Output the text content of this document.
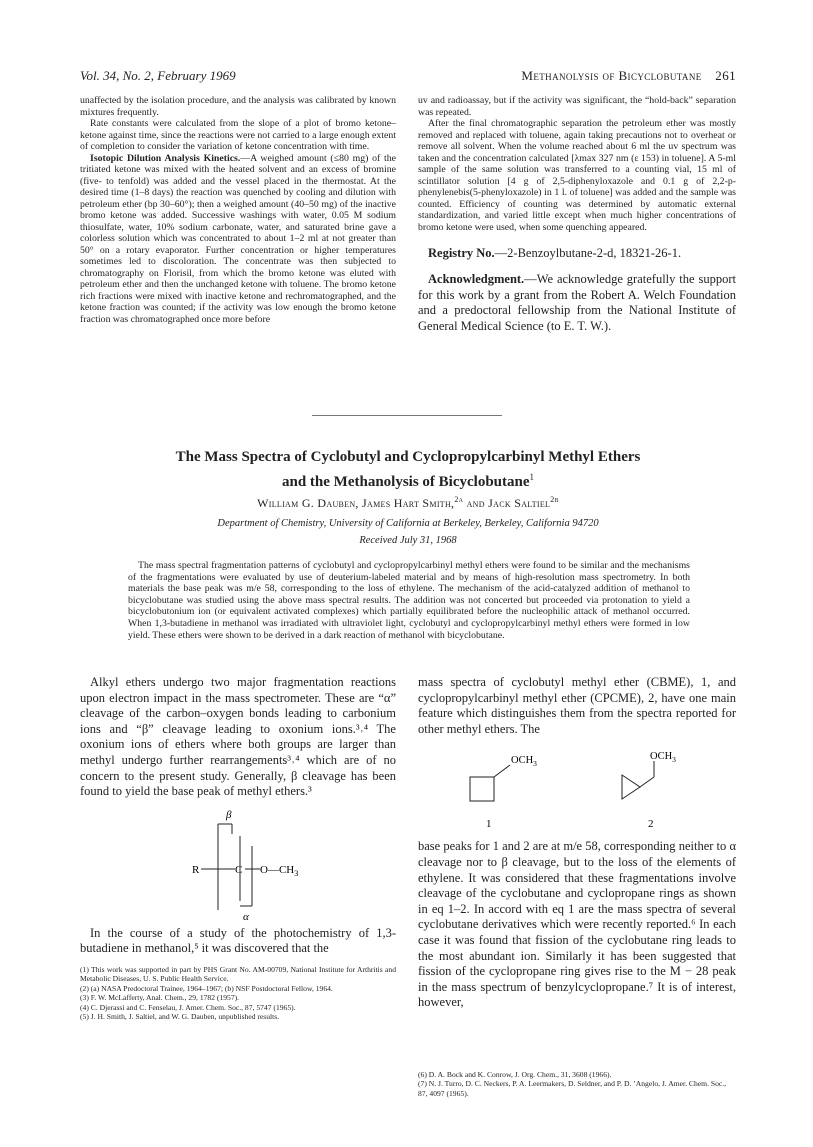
Vol. 34, No. 2, February 1969	Methanolysis of Bicyclobutane 261

unaffected by the isolation procedure, and the analysis was calibrated by known mixtures frequently.

Rate constants were calculated from the slope of a plot of bromo ketone–ketone against time, since the reactions were not carried to a large enough extent of completion to consider the variation of ketone concentration with time.

Isotopic Dilution Analysis Kinetics.—A weighed amount (≤80 mg) of the tritiated ketone was mixed with the heated solvent and an excess of bromine (five- to tenfold) was added and the vessel placed in the thermostat. At the desired time (1–8 days) the reaction was quenched by cooling and dilution with petroleum ether (bp 30–60°); then a weighed amount (40–50 mg) of the inactive bromo ketone was added. Successive washings with water, 0.05 M sodium thiosulfate, water, 10% sodium carbonate, water, and saturated brine gave a colorless solution which was concentrated to about 1–2 ml at not greater than 50° on a rotary evaporator. Further concentration or higher temperatures sometimes led to discoloration. The concentrate was then subjected to chromatography on Florisil, from which the bromo ketone was eluted with petroleum ether and then the unchanged ketone with toluene. The bromo ketone rich fractions were mixed with inactive ketone and rechromatographed, and the ketone fraction was counted; if the activity was low enough the bromo ketone fraction was chromatographed once more before

uv and radioassay, but if the activity was significant, the “hold-back” separation was repeated.

After the final chromatographic separation the petroleum ether was mostly removed and replaced with toluene, again taking precautions not to overheat or remove all solvent. When the volume reached about 6 ml the uv spectrum was taken and the concentration calculated [λmax 327 nm (ε 153) in toluene]. A 5-ml sample of the same solution was transferred to a counting vial, 15 ml of scintillator solution [4 g of 2,5-diphenyloxazole and 0.1 g of 2,2-p-phenylenebis(5-phenyloxazole) in 1 l. of toluene] was added and the sample was counted. Efficiency of counting was determined by automatic external standardization, and varied little except when much higher concentrations of bromo ketone were used, when some quenching appeared.

Registry No.—2-Benzoylbutane-2-d, 18321-26-1.
Acknowledgment.—We acknowledge gratefully the support for this work by a grant from the Robert A. Welch Foundation and a predoctoral fellowship from the National Institute of General Medical Science (to E. T. W.).
The Mass Spectra of Cyclobutyl and Cyclopropylcarbinyl Methyl Ethers
and the Methanolysis of Bicyclobutane$^1$
William G. Dauben, James Hart Smith,$^{2a}$ and Jack Saltiel$^{2b}$
Department of Chemistry, University of California at Berkeley, Berkeley, California 94720
Received July 31, 1968
The mass spectral fragmentation patterns of cyclobutyl and cyclopropylcarbinyl methyl ethers were found to be similar and the mechanisms of the fragmentations were evaluated by use of deuterium-labeled material and by means of high-resolution mass spectrometry. In both materials the base peak was m/e 58, corresponding to the loss of ethylene. The mechanism of the acid-catalyzed addition of methanol to bicyclobutane was studied using the above mass spectral results. The addition was not concerted but proceeded via protonation to yield a bicyclobutonium ion (or equivalent activated complexes) which partially equilibrated before the nucleophilic attack of methanol occurred. When 1,3-butadiene in methanol was irradiated with ultraviolet light, cyclobutyl and cyclopropylcarbinyl methyl ethers were formed in low yield. These ethers were shown to be derived in a dark reaction of methanol with bicyclobutane.

Alkyl ethers undergo two major fragmentation reactions upon electron impact in the mass spectrometer. These are “α” cleavage of the carbon–oxygen bonds leading to carbonium ions and “β” cleavage leading to oxonium ions.³˒⁴ The oxonium ions of ethers where both groups are larger than methyl undergo further rearrangements³˒⁴ which are of no concern to the present study. Generally, β cleavage has been found to yield the base peak of methyl ethers.³

β
R	C $O—CH_3$
α

In the course of a study of the photochemistry of 1,3-butadiene in methanol,⁵ it was discovered that the

(1) This work was supported in part by PHS Grant No. AM-00709, National Institute for Arthritis and Metabolic Diseases, U. S. Public Health Service.

(2) (a) NASA Predoctoral Trainee, 1964–1967; (b) NSF Postdoctoral Fellow, 1964.

(3) F. W. McLafferty, Anal. Chem., 29, 1782 (1957).

(4) C. Djerassi and C. Fenselau, J. Amer. Chem. Soc., 87, 5747 (1965).

(5) J. H. Smith, J. Saltiel, and W. G. Dauben, unpublished results.

mass spectra of cyclobutyl methyl ether (CBME), 1, and cyclopropylcarbinyl methyl ether (CPCME), 2, have one main feature which distinguishes them from the spectra reported for other methyl ethers. The

$OCH_3$
1
$OCH_3$
2

base peaks for 1 and 2 are at m/e 58, corresponding neither to α cleavage nor to β cleavage, but to the loss of the elements of ethylene. It was considered that these fragmentations involve cleavage of the cyclobutane and cyclopropane rings as shown in eq 1–2. In accord with eq 1 are the mass spectra of several cyclobutane derivatives which were recently reported.⁶ In each case it was found that fission of the cyclobutane ring leads to the most abundant ion. Similarly it has been suggested that fission of the cyclopropane ring gives rise to the M − 28 peak in the mass spectrum of benzylcyclopropane.⁷ It is of interest, however,

(6) D. A. Bock and K. Conrow, J. Org. Chem., 31, 3608 (1966).

(7) N. J. Turro, D. C. Neckers, P. A. Leermakers, D. Seldner, and P. D. ’Angelo, J. Amer. Chem. Soc., 87, 4097 (1965).
